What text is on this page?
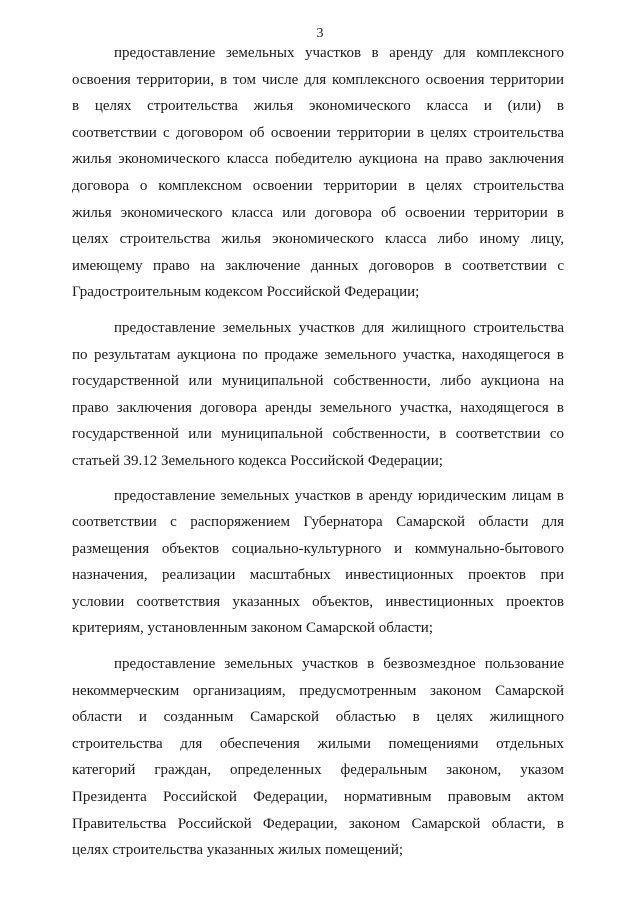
3
предоставление земельных участков в аренду для комплексного
освоения территории, в том числе для комплексного освоения территории
в целях строительства жилья экономического класса и (или) в
соответствии с договором об освоении территории в целях строительства
жилья экономического класса победителю аукциона на право заключения
договора о комплексном освоении территории в целях строительства
жилья экономического класса или договора об освоении территории в
целях строительства жилья экономического класса либо иному лицу,
имеющему право на заключение данных договоров в соответствии с
Градостроительным кодексом Российской Федерации;
предоставление земельных участков для жилищного строительства
по результатам аукциона по продаже земельного участка, находящегося в
государственной или муниципальной собственности, либо аукциона на
право заключения договора аренды земельного участка, находящегося в
государственной или муниципальной собственности, в соответствии со
статьей 39.12 Земельного кодекса Российской Федерации;
предоставление земельных участков в аренду юридическим лицам в
соответствии с распоряжением Губернатора Самарской области для
размещения объектов социально-культурного и коммунально-бытового
назначения, реализации масштабных инвестиционных проектов при
условии соответствия указанных объектов, инвестиционных проектов
критериям, установленным законом Самарской области;
предоставление земельных участков в безвозмездное пользование
некоммерческим организациям, предусмотренным законом Самарской
области и созданным Самарской областью в целях жилищного
строительства для обеспечения жилыми помещениями отдельных
категорий граждан, определенных федеральным законом, указом
Президента Российской Федерации, нормативным правовым актом
Правительства Российской Федерации, законом Самарской области, в
целях строительства указанных жилых помещений;
